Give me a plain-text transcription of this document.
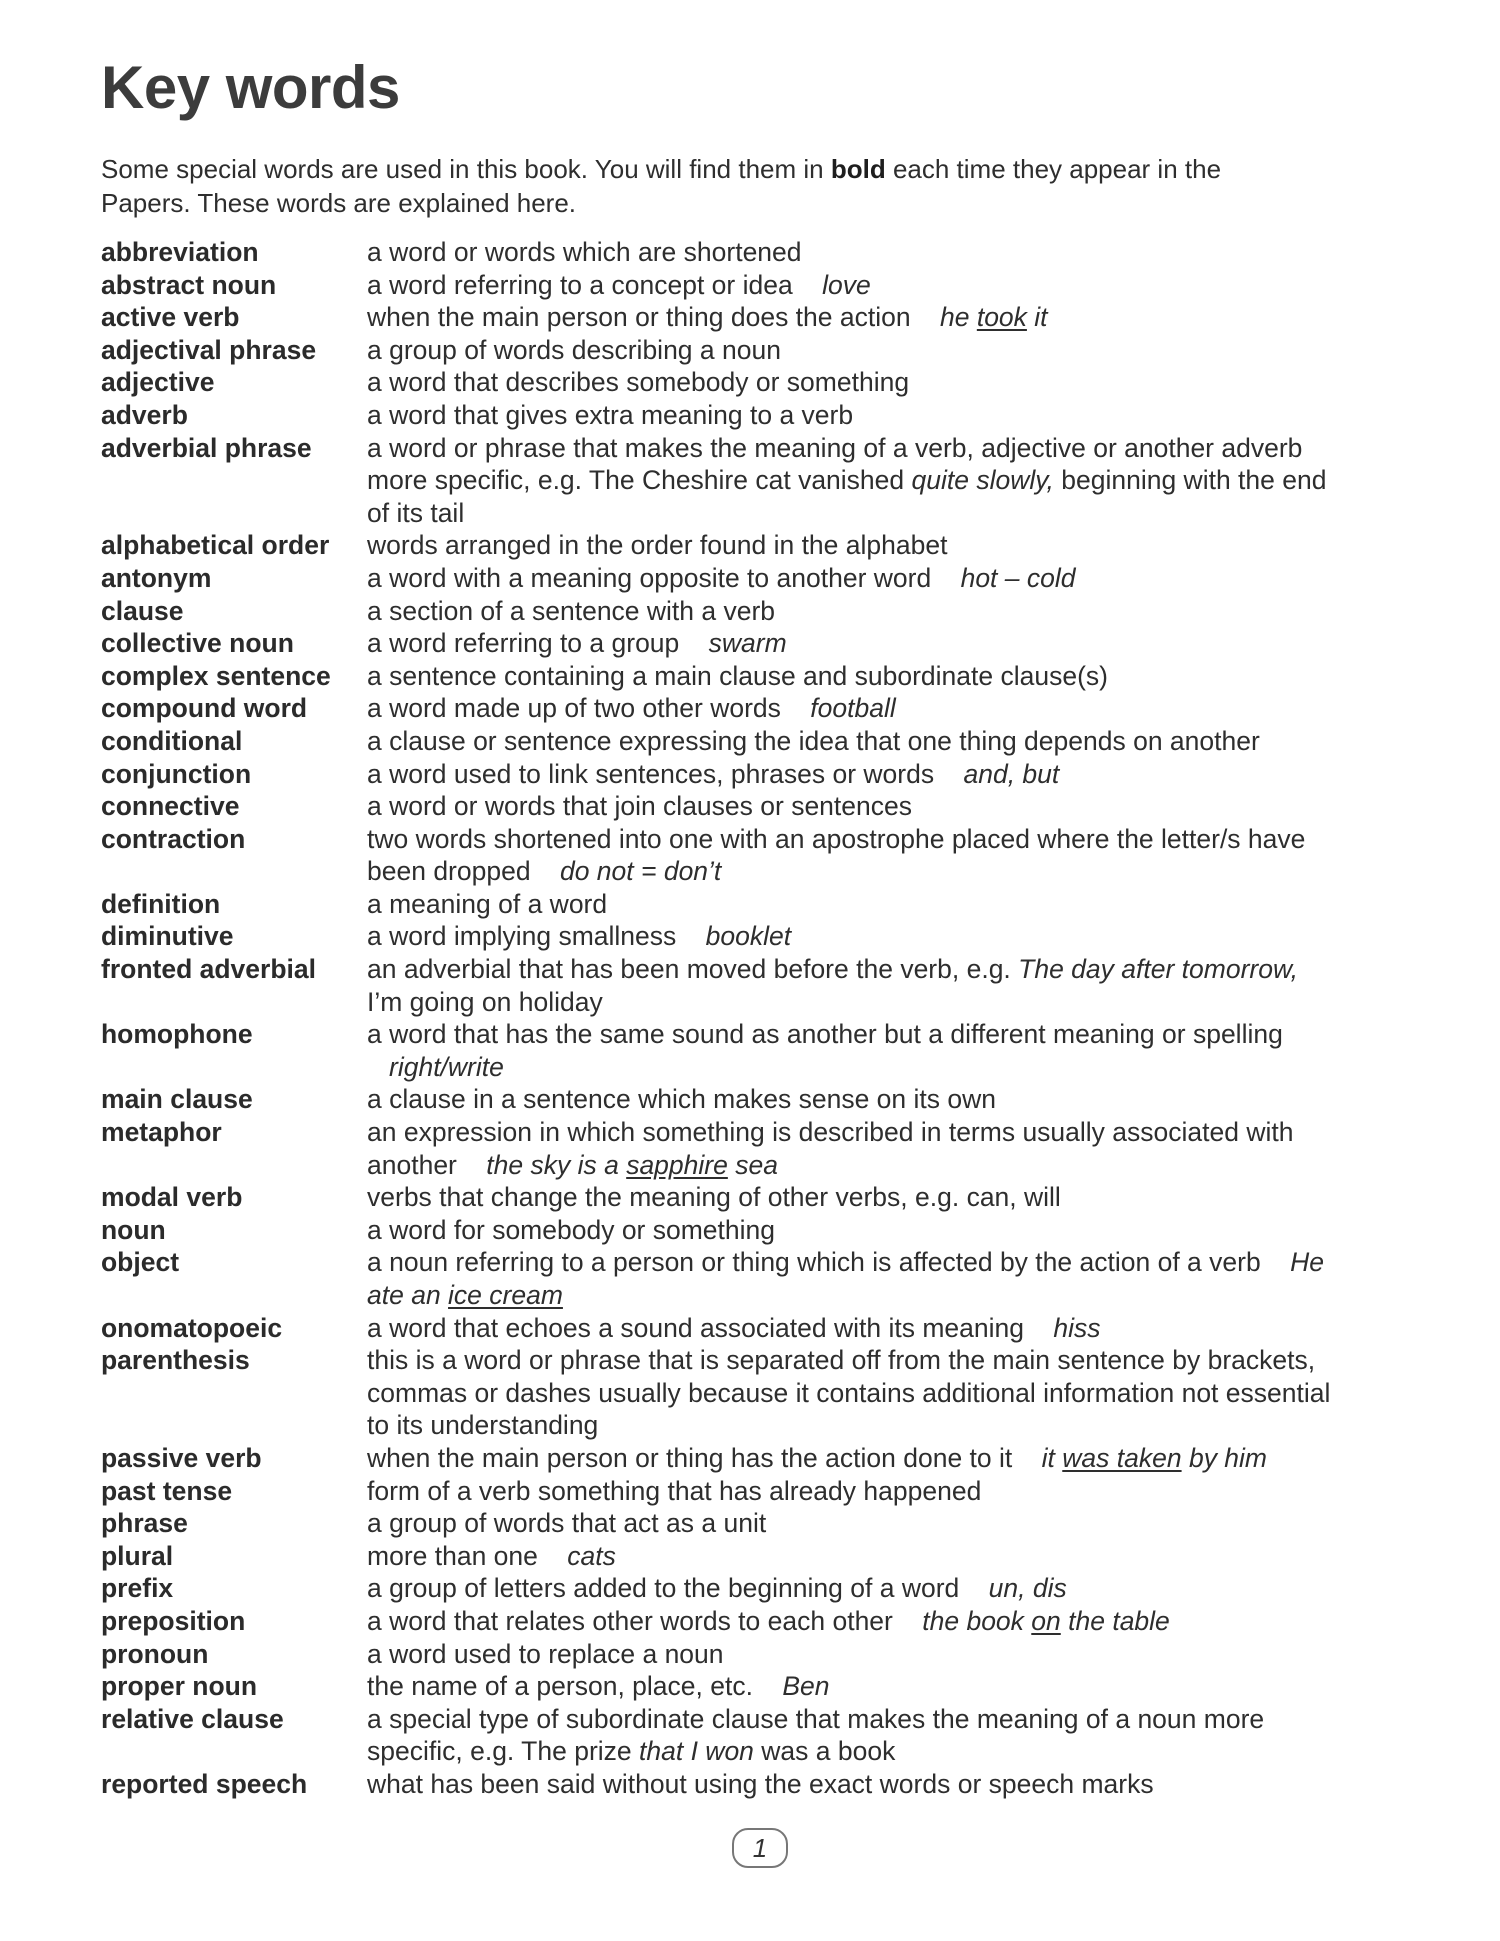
Key words

Some special words are used in this book. You will find them in bold each time they appear in the Papers. These words are explained here.

abbreviation	a word or words which are shortened
abstract noun	a word referring to a concept or idea love
active verb	when the main person or thing does the action he took it
adjectival phrase	a group of words describing a noun
adjective	a word that describes somebody or something
adverb	a word that gives extra meaning to a verb
adverbial phrase	a word or phrase that makes the meaning of a verb, adjective or another adverb more specific, e.g. The Cheshire cat vanished quite slowly, beginning with the end of its tail
alphabetical order	words arranged in the order found in the alphabet
antonym	a word with a meaning opposite to another word hot – cold
clause	a section of a sentence with a verb
collective noun	a word referring to a group swarm
complex sentence	a sentence containing a main clause and subordinate clause(s)
compound word	a word made up of two other words football
conditional	a clause or sentence expressing the idea that one thing depends on another
conjunction	a word used to link sentences, phrases or words and, but
connective	a word or words that join clauses or sentences
contraction	two words shortened into one with an apostrophe placed where the letter/s have been dropped do not = don’t
definition	a meaning of a word
diminutive	a word implying smallness booklet
fronted adverbial	an adverbial that has been moved before the verb, e.g. The day after tomorrow, I’m going on holiday
homophone	a word that has the same sound as another but a different meaning or spelling right/write
main clause	a clause in a sentence which makes sense on its own
metaphor	an expression in which something is described in terms usually associated with another the sky is a sapphire sea
modal verb	verbs that change the meaning of other verbs, e.g. can, will
noun	a word for somebody or something
object	a noun referring to a person or thing which is affected by the action of a verb He ate an ice cream
onomatopoeic	a word that echoes a sound associated with its meaning hiss
parenthesis	this is a word or phrase that is separated off from the main sentence by brackets, commas or dashes usually because it contains additional information not essential to its understanding
passive verb	when the main person or thing has the action done to it it was taken by him
past tense	form of a verb something that has already happened
phrase	a group of words that act as a unit
plural	more than one cats
prefix	a group of letters added to the beginning of a word un, dis
preposition	a word that relates other words to each other the book on the table
pronoun	a word used to replace a noun
proper noun	the name of a person, place, etc. Ben
relative clause	a special type of subordinate clause that makes the meaning of a noun more specific, e.g. The prize that I won was a book
reported speech	what has been said without using the exact words or speech marks
1
